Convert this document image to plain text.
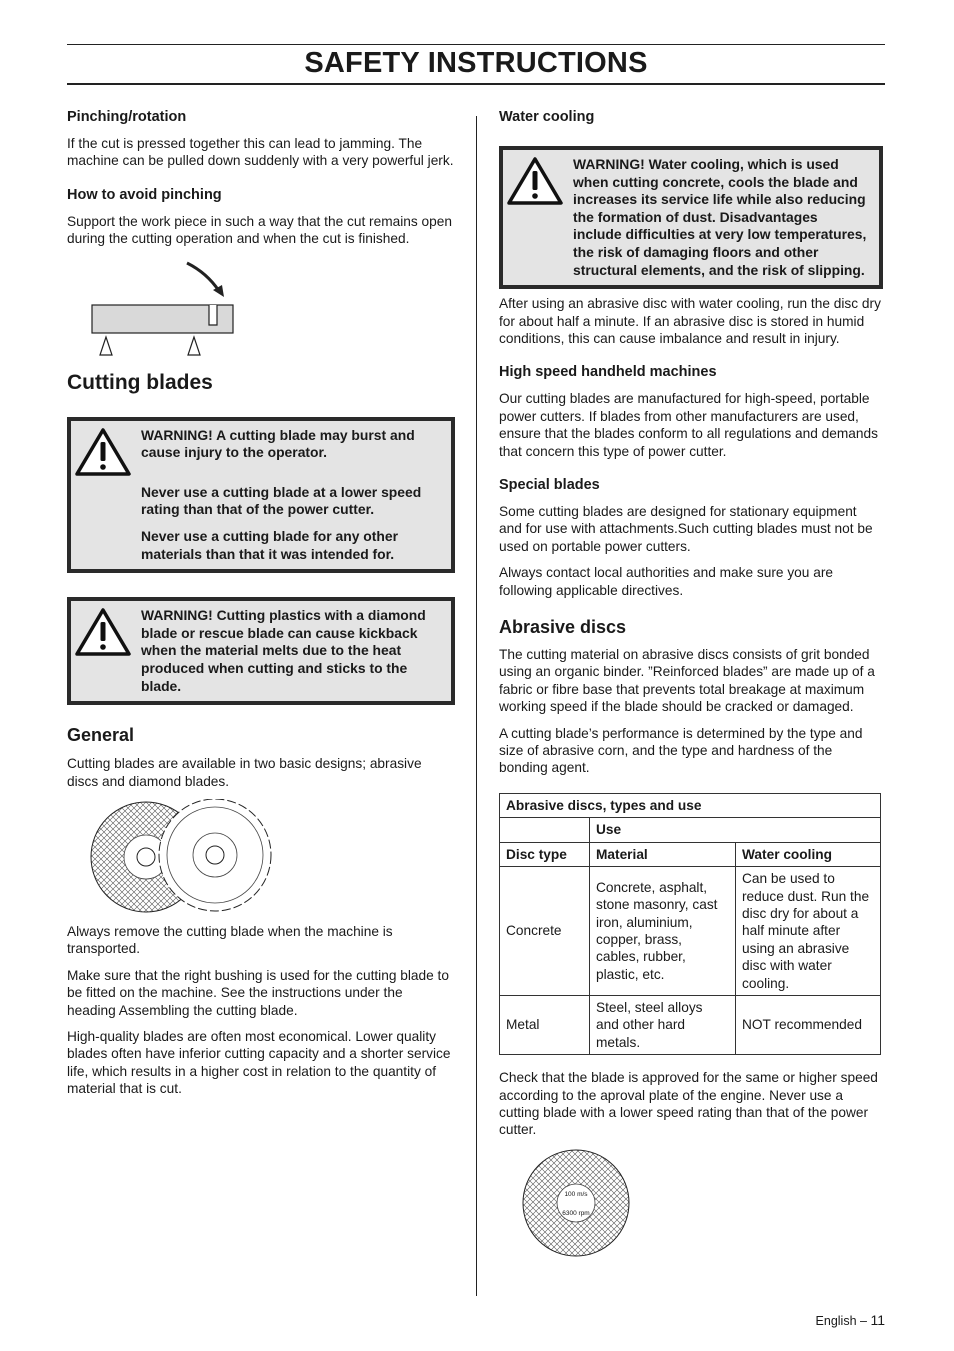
SAFETY INSTRUCTIONS
Pinching/rotation

If the cut is pressed together this can lead to jamming. The machine can be pulled down suddenly with a very powerful jerk.

How to avoid pinching

Support the work piece in such a way that the cut remains open during the cutting operation and when the cut is finished.

Cutting blades

WARNING! A cutting blade may burst and cause injury to the operator.

Never use a cutting blade at a lower speed rating than that of the power cutter.

Never use a cutting blade for any other materials than that it was intended for.

WARNING! Cutting plastics with a diamond blade or rescue blade can cause kickback when the material melts due to the heat produced when cutting and sticks to the blade.

General

Cutting blades are available in two basic designs; abrasive discs and diamond blades.

Always remove the cutting blade when the machine is transported.

Make sure that the right bushing is used for the cutting blade to be fitted on the machine. See the instructions under the heading Assembling the cutting blade.

High-quality blades are often most economical. Lower quality blades often have inferior cutting capacity and a shorter service life, which results in a higher cost in relation to the quantity of material that is cut.

Water cooling

WARNING! Water cooling, which is used when cutting concrete, cools the blade and increases its service life while also reducing the formation of dust. Disadvantages include difficulties at very low temperatures, the risk of damaging floors and other structural elements, and the risk of slipping.

After using an abrasive disc with water cooling, run the disc dry for about half a minute. If an abrasive disc is stored in humid conditions, this can cause imbalance and result in injury.

High speed handheld machines

Our cutting blades are manufactured for high-speed, portable power cutters. If blades from other manufacturers are used, ensure that the blades conform to all regulations and demands that concern this type of power cutter.

Special blades

Some cutting blades are designed for stationary equipment and for use with attachments.Such cutting blades must not be used on portable power cutters.

Always contact local authorities and make sure you are following applicable directives.

Abrasive discs

The cutting material on abrasive discs consists of grit bonded using an organic binder. ”Reinforced blades” are made up of a fabric or fibre base that prevents total breakage at maximum working speed if the blade should be cracked or damaged.

A cutting blade’s performance is determined by the type and size of abrasive corn, and the type and hardness of the bonding agent.

Abrasive discs, types and use		
	Use	
Disc type	Material	Water cooling
Concrete	Concrete, asphalt, stone masonry, cast iron, aluminium, copper, brass, cables, rubber, plastic, etc.	Can be used to reduce dust. Run the disc dry for about a half minute after using an abrasive disc with water cooling.
Metal	Steel, steel alloys and other hard metals.	NOT recommended

Check that the blade is approved for the same or higher speed according to the aproval plate of the engine. Never use a cutting blade with a lower speed rating than that of the power cutter.

100 m/s
6300 rpm
English – 11
